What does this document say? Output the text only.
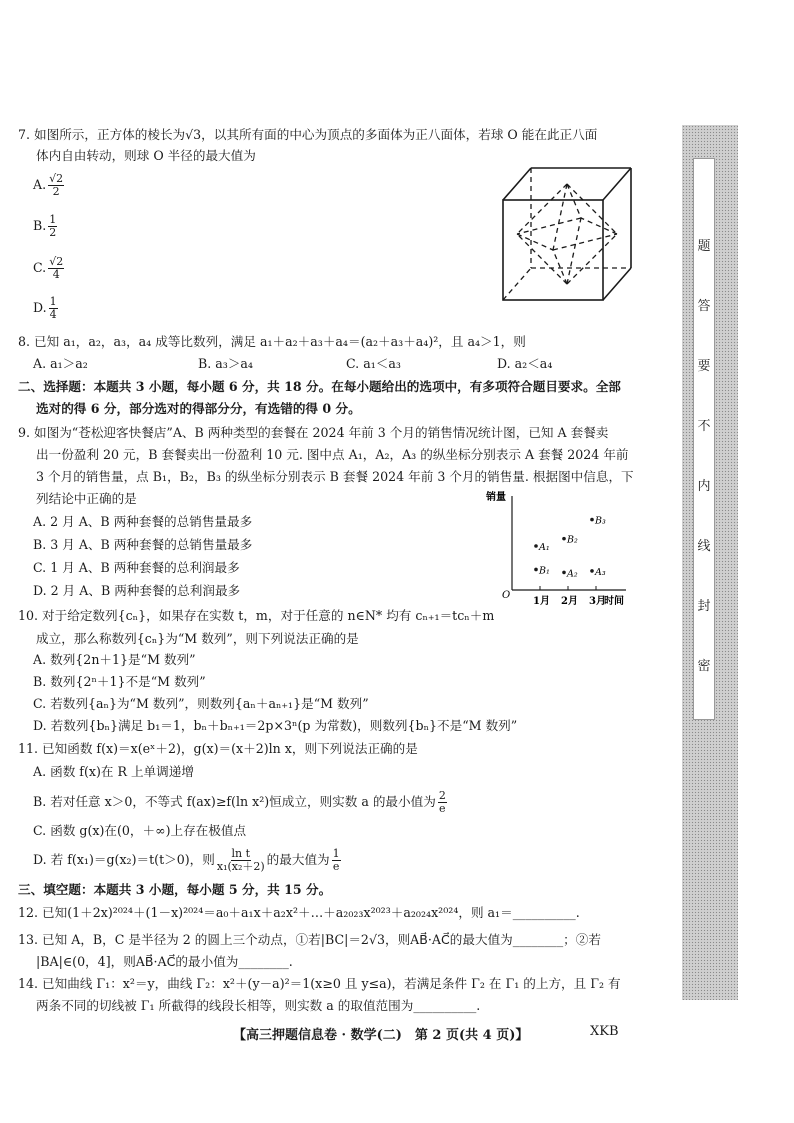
7. 如图所示，正方体的棱长为√3，以其所有面的中心为顶点的多面体为正八面体，若球 O 能在此正八面
体内自由转动，则球 O 半径的最大值为
A. $\frac{√2}{2}$
B. $\frac{1}{2}$
C. $\frac{√2}{4}$
D. $\frac{1}{4}$
8. 已知 a₁，a₂，a₃，a₄ 成等比数列，满足 a₁＋a₂＋a₃＋a₄＝(a₂＋a₃＋a₄)²，且 a₄＞1，则
A. a₁＞a₂	B. a₃＞a₄	C. a₁＜a₃	D. a₂＜a₄
二、选择题：本题共 3 小题，每小题 6 分，共 18 分。在每小题给出的选项中，有多项符合题目要求。全部
选对的得 6 分，部分选对的得部分分，有选错的得 0 分。
9. 如图为“苍松迎客快餐店”A、B 两种类型的套餐在 2024 年前 3 个月的销售情况统计图，已知 A 套餐卖
出一份盈利 20 元，B 套餐卖出一份盈利 10 元. 图中点 A₁，A₂，A₃ 的纵坐标分别表示 A 套餐 2024 年前
3 个月的销售量，点 B₁，B₂，B₃ 的纵坐标分别表示 B 套餐 2024 年前 3 个月的销售量. 根据图中信息，下
列结论中正确的是
A. 2 月 A、B 两种套餐的总销售量最多
B. 3 月 A、B 两种套餐的总销售量最多
C. 1 月 A、B 两种套餐的总利润最多
D. 2 月 A、B 两种套餐的总利润最多
销量
时间
O
1月 2月 3月
A₁
A₂ A₃
B₁
B₂
B₃
10. 对于给定数列{cₙ}，如果存在实数 t，m，对于任意的 n∈N* 均有 cₙ₊₁＝tcₙ＋m
成立，那么称数列{cₙ}为“M 数列”，则下列说法正确的是
A. 数列{2n＋1}是“M 数列”
B. 数列{2ⁿ＋1}不是“M 数列”
C. 若数列{aₙ}为“M 数列”，则数列{aₙ＋aₙ₊₁}是“M 数列”
D. 若数列{bₙ}满足 b₁＝1，bₙ＋bₙ₊₁＝2p×3ⁿ(p 为常数)，则数列{bₙ}不是“M 数列”
11. 已知函数 f(x)＝x(eˣ＋2)，g(x)＝(x＋2)ln x，则下列说法正确的是
A. 函数 f(x)在 R 上单调递增
B. 若对任意 x＞0，不等式 f(ax)≥f(ln x²)恒成立，则实数 a 的最小值为 $\frac{2}{e}$
C. 函数 g(x)在(0，＋∞)上存在极值点
D. 若 f(x₁)＝g(x₂)＝t(t＞0)，则 $\frac{\text{ln t}}{\text{x₁(x₂＋2)}}$ 的最大值为 $\frac{1}{e}$
三、填空题：本题共 3 小题，每小题 5 分，共 15 分。
12. 已知(1＋2x)²⁰²⁴＋(1－x)²⁰²⁴＝a₀＋a₁x＋a₂x²＋…＋a₂₀₂₃x²⁰²³＋a₂₀₂₄x²⁰²⁴，则 a₁＝__________.
13. 已知 A，B，C 是半径为 2 的圆上三个动点，①若|BC|＝2√3，则AB⃗·AC⃗的最大值为________；②若
|BA|∈(0，4]，则AB⃗·AC⃗的最小值为________.
14. 已知曲线 Γ₁：x²＝y，曲线 Γ₂：x²＋(y－a)²＝1(x≥0 且 y≤a)，若满足条件 Γ₂ 在 Γ₁ 的上方，且 Γ₂ 有
两条不同的切线被 Γ₁ 所截得的线段长相等，则实数 a 的取值范围为__________.
【高三押题信息卷 · 数学(二)　第 2 页(共 4 页)】	XKB
密
封
线
内
不
要
答
题
